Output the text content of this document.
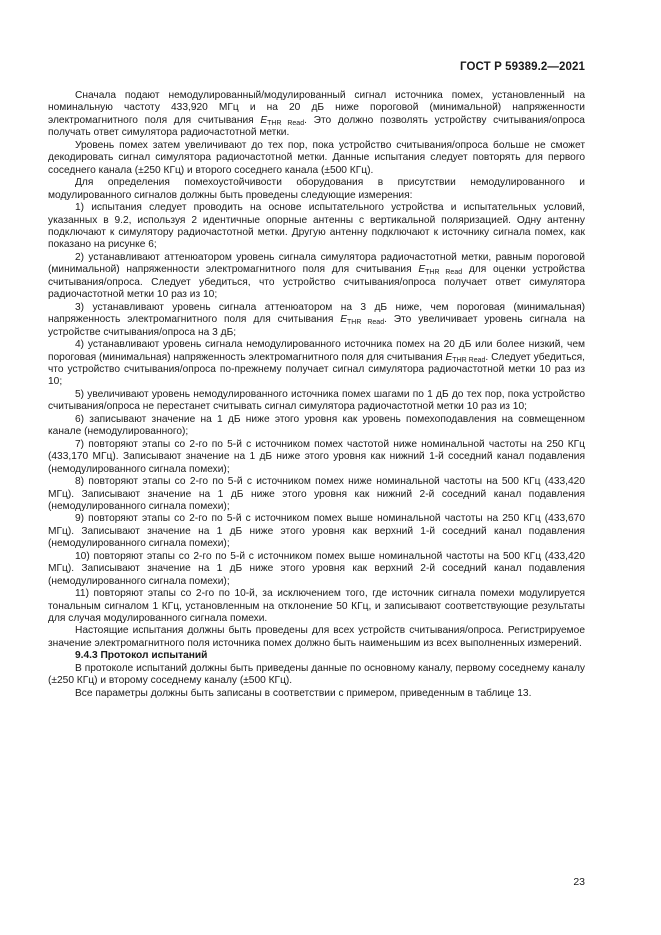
ГОСТ Р 59389.2—2021

Сначала подают немодулированный/модулированный сигнал источника помех, установленный на номинальную частоту 433,920 МГц и на 20 дБ ниже пороговой (минимальной) напряженности электромагнитного поля для считывания $E_{THR Read}$. Это должно позволять устройству считывания/опроса получать ответ симулятора радиочастотной метки.

Уровень помех затем увеличивают до тех пор, пока устройство считывания/опроса больше не сможет декодировать сигнал симулятора радиочастотной метки. Данные испытания следует повторять для первого соседнего канала (±250 КГц) и второго соседнего канала (±500 КГц).

Для определения помехоустойчивости оборудования в присутствии немодулированного и модулированного сигналов должны быть проведены следующие измерения:

1) испытания следует проводить на основе испытательного устройства и испытательных условий, указанных в 9.2, используя 2 идентичные опорные антенны с вертикальной поляризацией. Одну антенну подключают к симулятору радиочастотной метки. Другую антенну подключают к источнику сигнала помех, как показано на рисунке 6;

2) устанавливают аттенюатором уровень сигнала симулятора радиочастотной метки, равным пороговой (минимальной) напряженности электромагнитного поля для считывания $E_{THR Read}$ для оценки устройства считывания/опроса. Следует убедиться, что устройство считывания/опроса получает ответ симулятора радиочастотной метки 10 раз из 10;

3) устанавливают уровень сигнала аттенюатором на 3 дБ ниже, чем пороговая (минимальная) напряженность электромагнитного поля для считывания $E_{THR Read}$. Это увеличивает уровень сигнала на устройстве считывания/опроса на 3 дБ;

4) устанавливают уровень сигнала немодулированного источника помех на 20 дБ или более низкий, чем пороговая (минимальная) напряженность электромагнитного поля для считывания $E_{THR Read}$. Следует убедиться, что устройство считывания/опроса по-прежнему получает сигнал симулятора радиочастотной метки 10 раз из 10;

5) увеличивают уровень немодулированного источника помех шагами по 1 дБ до тех пор, пока устройство считывания/опроса не перестанет считывать сигнал симулятора радиочастотной метки 10 раз из 10;

6) записывают значение на 1 дБ ниже этого уровня как уровень помехоподавления на совмещенном канале (немодулированного);

7) повторяют этапы со 2-го по 5-й с источником помех частотой ниже номинальной частоты на 250 КГц (433,170 МГц). Записывают значение на 1 дБ ниже этого уровня как нижний 1-й соседний канал подавления (немодулированного сигнала помехи);

8) повторяют этапы со 2-го по 5-й с источником помех ниже номинальной частоты на 500 КГц (433,420 МГц). Записывают значение на 1 дБ ниже этого уровня как нижний 2-й соседний канал подавления (немодулированного сигнала помехи);

9) повторяют этапы со 2-го по 5-й с источником помех выше номинальной частоты на 250 КГц (433,670 МГц). Записывают значение на 1 дБ ниже этого уровня как верхний 1-й соседний канал подавления (немодулированного сигнала помехи);

10) повторяют этапы со 2-го по 5-й с источником помех выше номинальной частоты на 500 КГц (433,420 МГц). Записывают значение на 1 дБ ниже этого уровня как верхний 2-й соседний канал подавления (немодулированного сигнала помехи);

11) повторяют этапы со 2-го по 10-й, за исключением того, где источник сигнала помехи модулируется тональным сигналом 1 КГц, установленным на отклонение 50 КГц, и записывают соответствующие результаты для случая модулированного сигнала помехи.

Настоящие испытания должны быть проведены для всех устройств считывания/опроса. Регистрируемое значение электромагнитного поля источника помех должно быть наименьшим из всех выполненных измерений.

9.4.3 Протокол испытаний

В протоколе испытаний должны быть приведены данные по основному каналу, первому соседнему каналу (±250 КГц) и второму соседнему каналу (±500 КГц).

Все параметры должны быть записаны в соответствии с примером, приведенным в таблице 13.

23
